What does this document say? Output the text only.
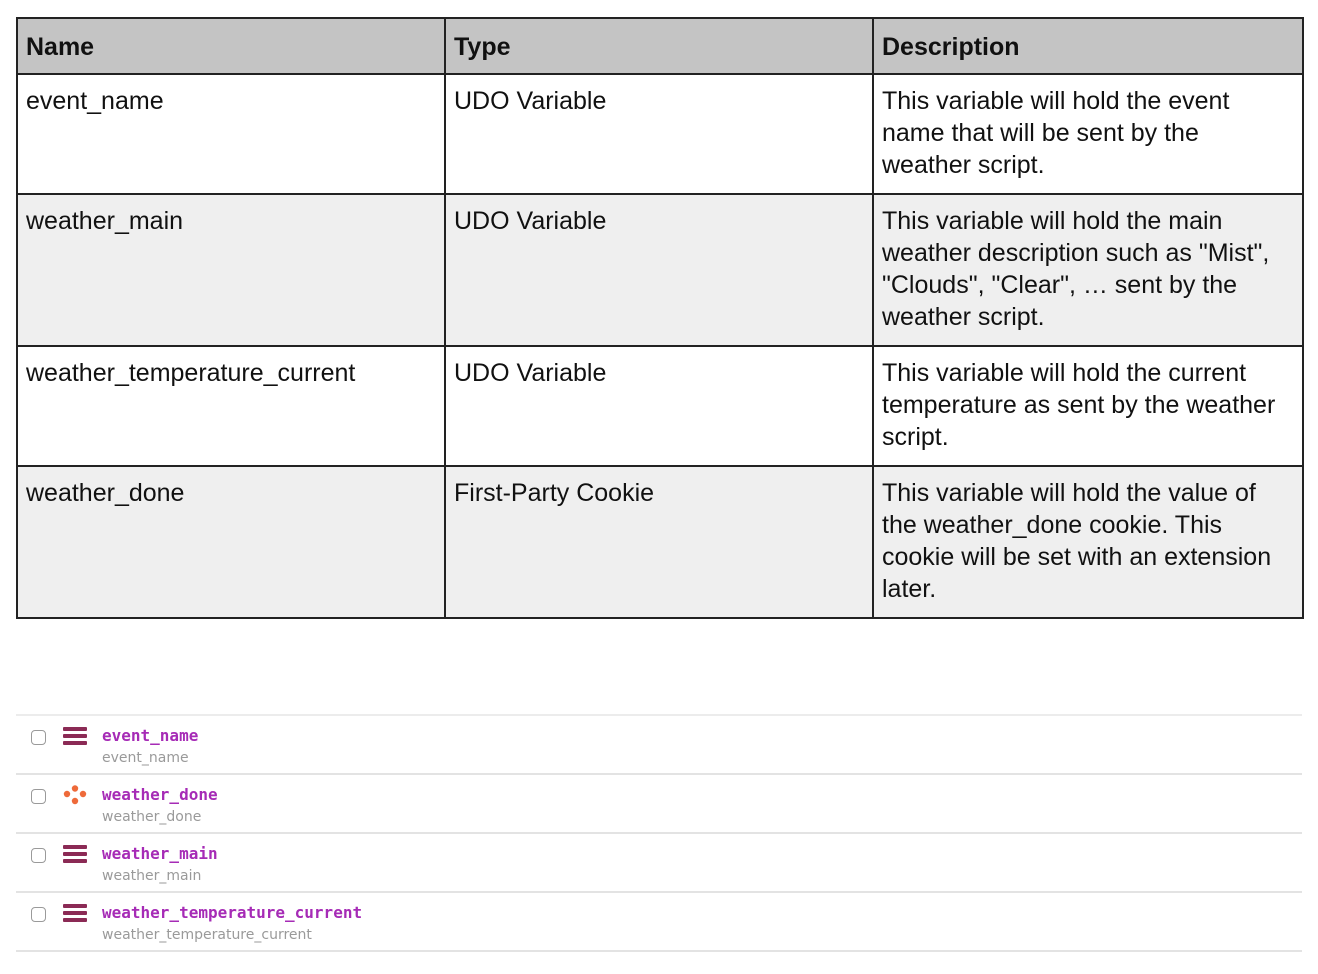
Name	Type	Description
event_name	UDO Variable	This variable will hold the event name that will be sent by the weather script.
weather_main	UDO Variable	This variable will hold the main weather description such as "Mist", "Clouds", "Clear", … sent by the weather script.
weather_temperature_current	UDO Variable	This variable will hold the current temperature as sent by the weather script.
weather_done	First-Party Cookie	This variable will hold the value of the weather_done cookie. This cookie will be set with an extension later.
event_name
event_name
weather_done
weather_done
weather_main
weather_main
weather_temperature_current
weather_temperature_current
